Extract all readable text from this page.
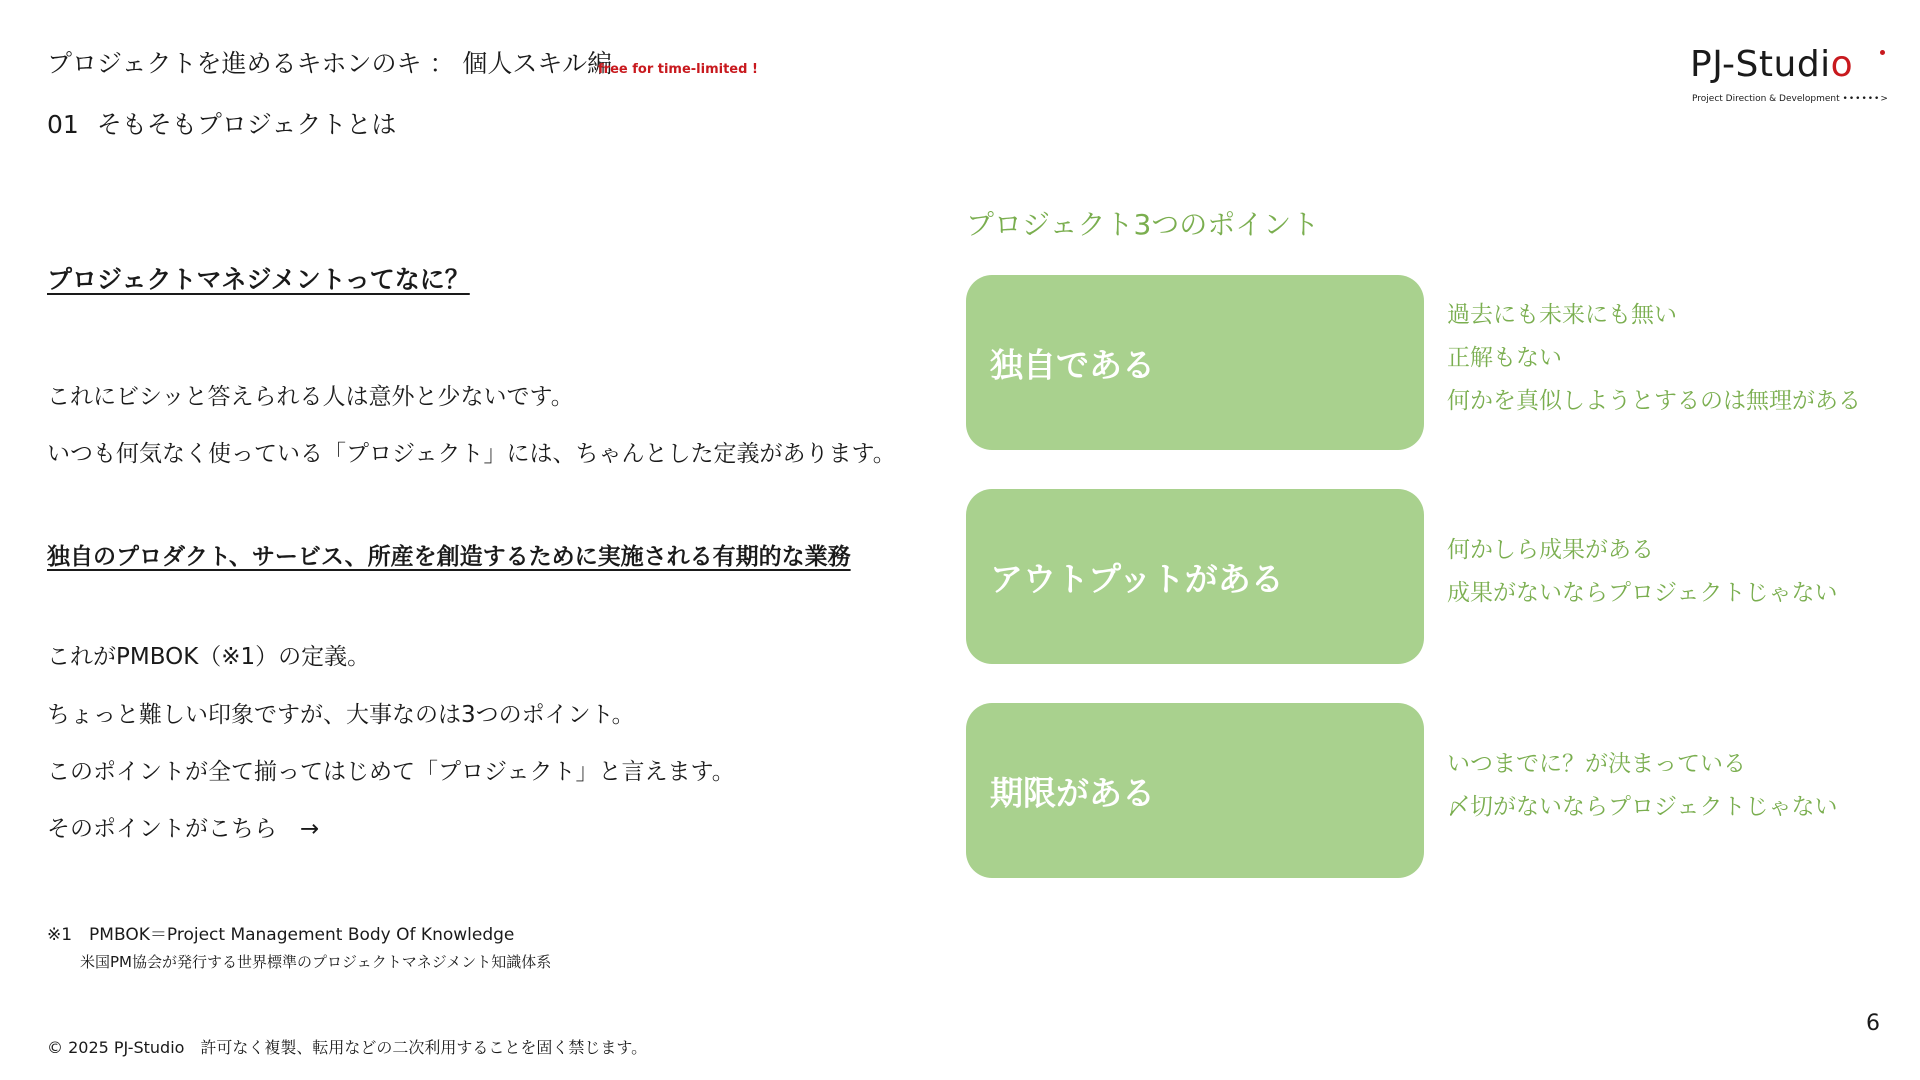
プロジェクトを進めるキホンのキ ： 個人スキル編
free for time-limited !
01 そもそもプロジェクトとは
PJ-Studio
Project Direction & Development ••••••>
プロジェクトマネジメントってなに？
これにビシッと答えられる人は意外と少ないです。
いつも何気なく使っている「プロジェクト」には、ちゃんとした定義があります。
独自のプロダクト、サービス、所産を創造するために実施される有期的な業務
これがPMBOK（※1）の定義。
ちょっと難しい印象ですが、大事なのは3つのポイント。
このポイントが全て揃ってはじめて「プロジェクト」と言えます。
そのポイントがこちら　→
※1　PMBOK＝Project Management Body Of Knowledge
米国PM協会が発行する世界標準のプロジェクトマネジメント知識体系
プロジェクト3つのポイント
独自である
過去にも未来にも無い
正解もない
何かを真似しようとするのは無理がある
アウトプットがある
何かしら成果がある
成果がないならプロジェクトじゃない
期限がある
いつまでに？が決まっている
〆切がないならプロジェクトじゃない
© 2025 PJ-Studio　許可なく複製、転用などの二次利用することを固く禁じます。
6
